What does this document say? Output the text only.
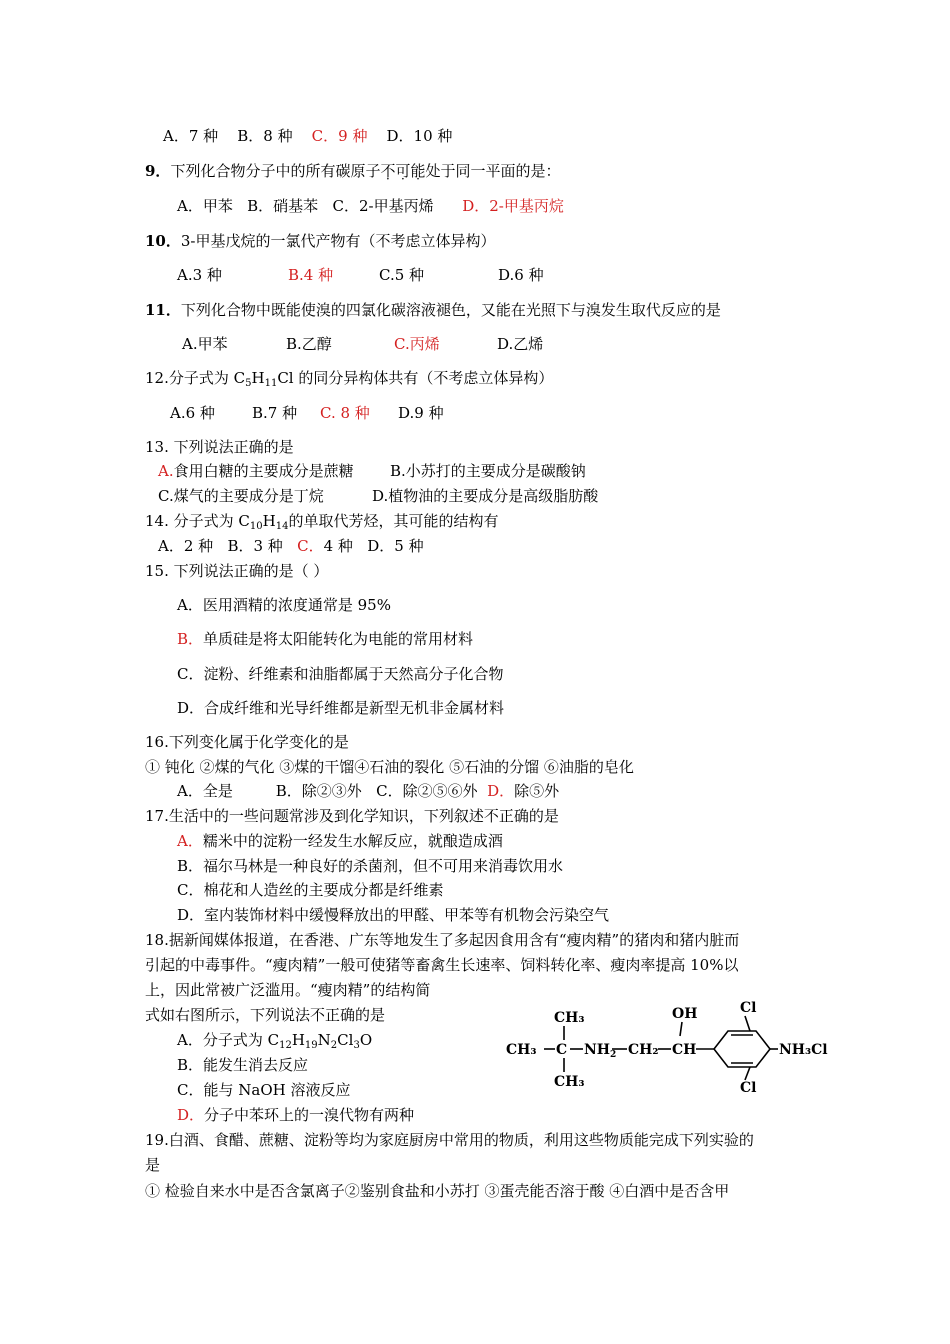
A．7 种 B．8 种 C．9 种 D．10 种
9．下列化合物分子中的所有碳原子不可能处于同一平面的是：
A．甲苯 B．硝基苯 C．2-甲基丙烯 D．2-甲基丙烷
10．3-甲基戊烷的一氯代产物有（不考虑立体异构）
A.3 种	B.4 种	C.5 种	D.6 种
11．下列化合物中既能使溴的四氯化碳溶液褪色，又能在光照下与溴发生取代反应的是
A.甲苯	B.乙醇	C.丙烯	D.乙烯
12.分子式为 $C_5H_{11}Cl$ 的同分异构体共有（不考虑立体异构）
A.6 种 B.7 种 C. 8 种 D.9 种
13. 下列说法正确的是
A.食用白糖的主要成分是蔗糖 B.小苏打的主要成分是碳酸钠
C.煤气的主要成分是丁烷	D.植物油的主要成分是高级脂肪酸
14. 分子式为 $C_{10}H_{14}$的单取代芳烃，其可能的结构有
A．2 种 B．3 种 C．4 种 D．5 种
15. 下列说法正确的是（ ）
A．医用酒精的浓度通常是 95%
B．单质硅是将太阳能转化为电能的常用材料
C．淀粉、纤维素和油脂都属于天然高分子化合物
D．合成纤维和光导纤维都是新型无机非金属材料
16.下列变化属于化学变化的是
① 钝化 ②煤的气化 ③煤的干馏④石油的裂化 ⑤石油的分馏 ⑥油脂的皂化
A．全是	B．除②③外 C．除②⑤⑥外 D．除⑤外
17.生活中的一些问题常涉及到化学知识，下列叙述不正确的是
A．糯米中的淀粉一经发生水解反应，就酿造成酒
B．福尔马林是一种良好的杀菌剂，但不可用来消毒饮用水
C．棉花和人造丝的主要成分都是纤维素
D．室内装饰材料中缓慢释放出的甲醛、甲苯等有机物会污染空气
18.据新闻媒体报道，在香港、广东等地发生了多起因食用含有“瘦肉精”的猪肉和猪内脏而
引起的中毒事件。“瘦肉精”一般可使猪等畜禽生长速率、饲料转化率、瘦肉率提高 10%以
上，因此常被广泛滥用。“瘦肉精”的结构简
式如右图所示，下列说法不正确的是
A．分子式为 $C_{12}H_{19}N_2Cl_3O$
B．能发生消去反应
C．能与 NaOH 溶液反应
D．分子中苯环上的一溴代物有两种
CH₃
CH₃ C $NH_2$ CH₂ CH
OH	Cl
Cl
NH₃Cl
CH₃
19.白酒、食醋、蔗糖、淀粉等均为家庭厨房中常用的物质，利用这些物质能完成下列实验的
是
① 检验自来水中是否含氯离子②鉴别食盐和小苏打 ③蛋壳能否溶于酸 ④白酒中是否含甲
